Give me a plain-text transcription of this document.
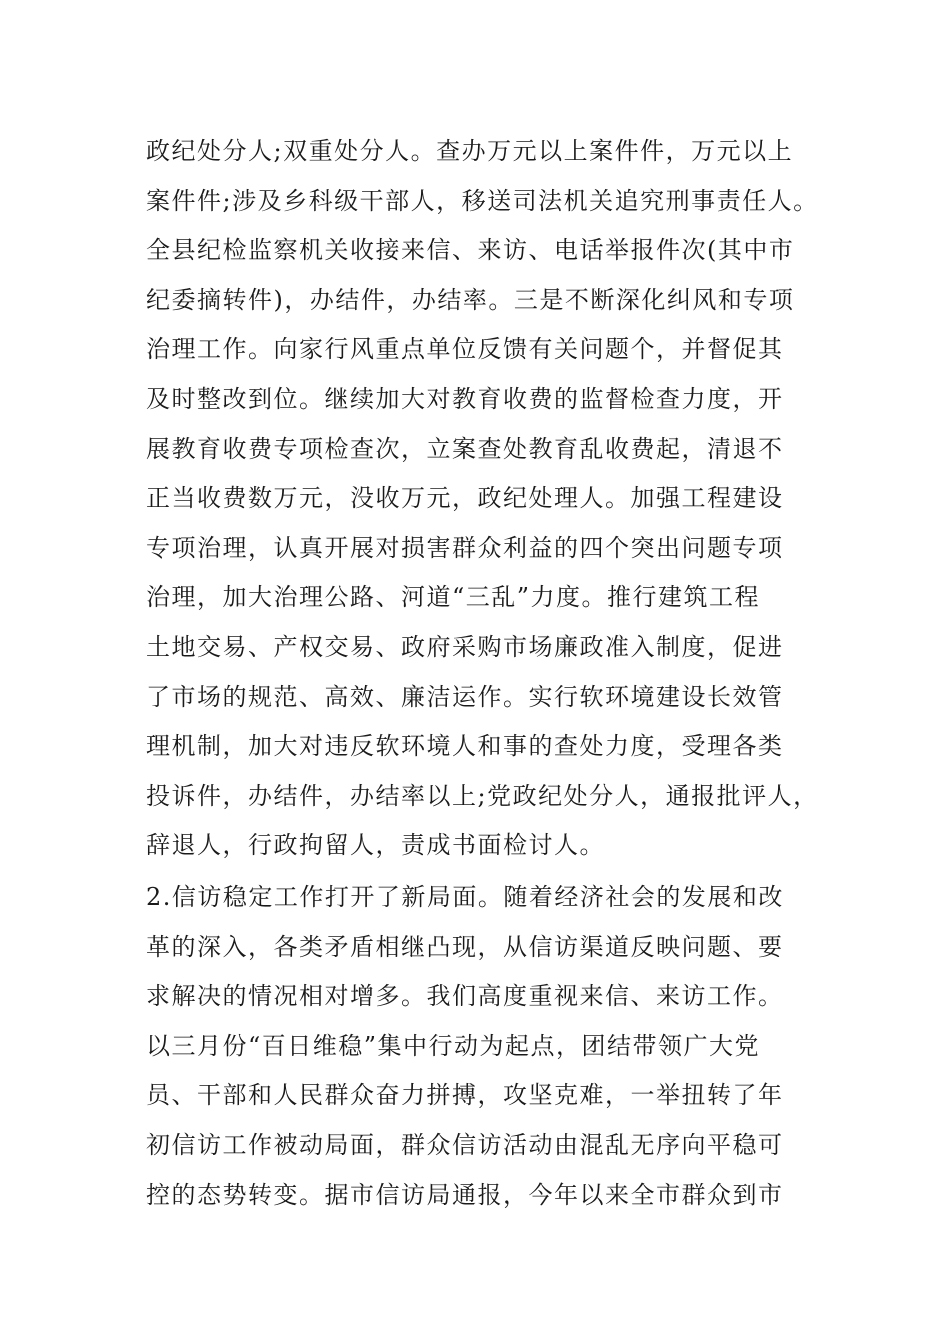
政纪处分人;双重处分人。查办万元以上案件件，万元以上
案件件;涉及乡科级干部人，移送司法机关追究刑事责任人。
全县纪检监察机关收接来信、来访、电话举报件次(其中市
纪委摘转件)，办结件，办结率。三是不断深化纠风和专项
治理工作。向家行风重点单位反馈有关问题个，并督促其
及时整改到位。继续加大对教育收费的监督检查力度，开
展教育收费专项检查次，立案查处教育乱收费起，清退不
正当收费数万元，没收万元，政纪处理人。加强工程建设
专项治理，认真开展对损害群众利益的四个突出问题专项
治理，加大治理公路、河道“三乱”力度。推行建筑工程
土地交易、产权交易、政府采购市场廉政准入制度，促进
了市场的规范、高效、廉洁运作。实行软环境建设长效管
理机制，加大对违反软环境人和事的查处力度，受理各类
投诉件，办结件，办结率以上;党政纪处分人，通报批评人，
辞退人，行政拘留人，责成书面检讨人。
2.信访稳定工作打开了新局面。随着经济社会的发展和改
革的深入，各类矛盾相继凸现，从信访渠道反映问题、要
求解决的情况相对增多。我们高度重视来信、来访工作。
以三月份“百日维稳”集中行动为起点，团结带领广大党
员、干部和人民群众奋力拼搏，攻坚克难，一举扭转了年
初信访工作被动局面，群众信访活动由混乱无序向平稳可
控的态势转变。据市信访局通报，今年以来全市群众到市
